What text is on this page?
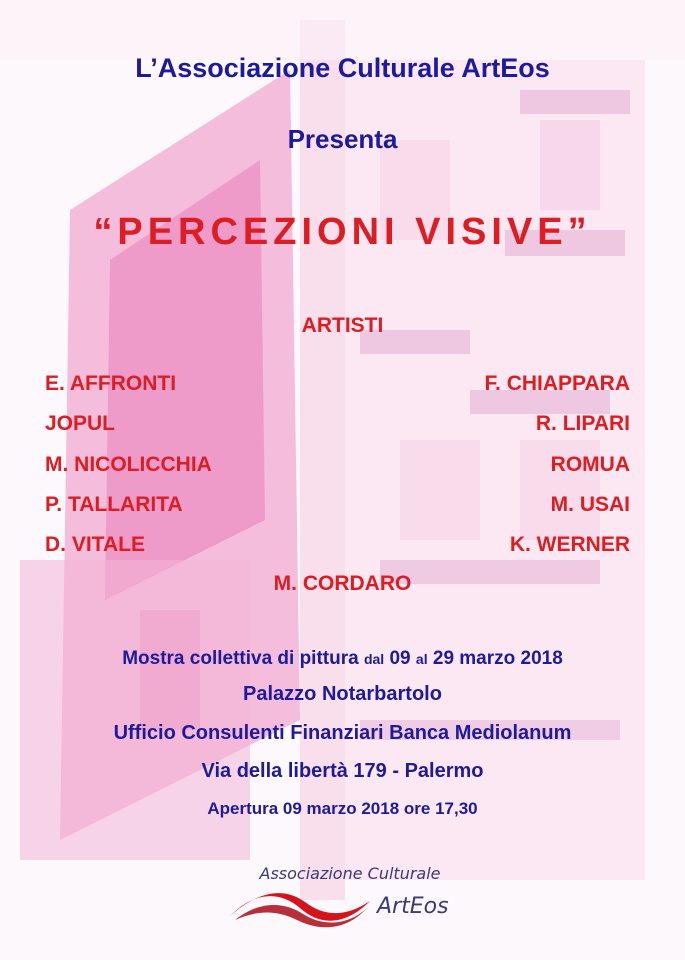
L’Associazione Culturale ArtEos
Presenta
“PERCEZIONI VISIVE”
ARTISTI
E. AFFRONTI
JOPUL
M. NICOLICCHIA
P. TALLARITA
D. VITALE
F. CHIAPPARA
R. LIPARI
ROMUA
M. USAI
K. WERNER
M. CORDARO
Mostra collettiva di pittura dal 09 al 29 marzo 2018
Palazzo Notarbartolo
Ufficio Consulenti Finanziari Banca Mediolanum
Via della libertà 179 - Palermo
Apertura 09 marzo 2018 ore 17,30
Associazione Culturale
ArtEos
